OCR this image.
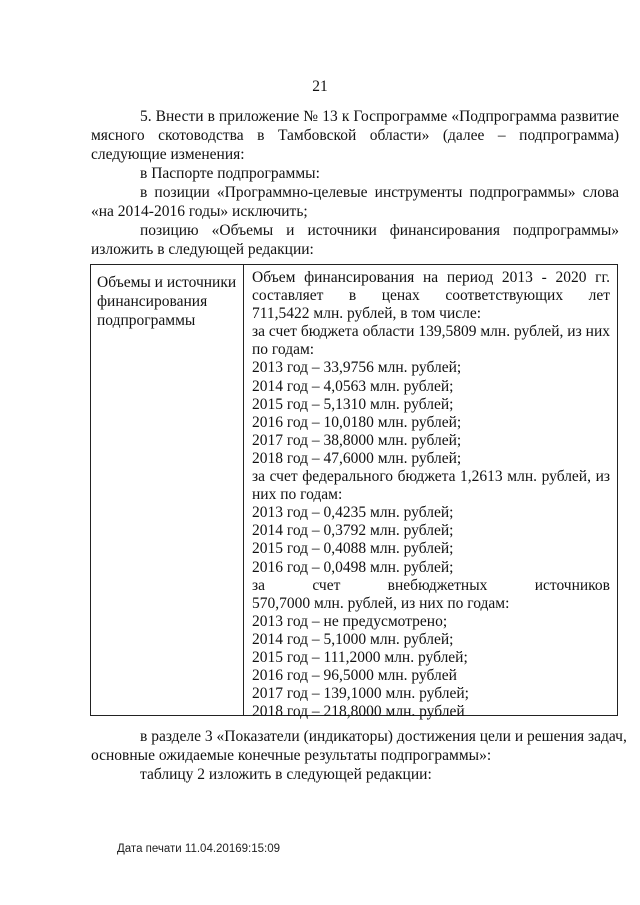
21
5. Внести в приложение № 13 к Госпрограмме «Подпрограмма развитие
мясного скотоводства в Тамбовской области» (далее – подпрограмма)
следующие изменения:
в Паспорте подпрограммы:
в позиции «Программно-целевые инструменты подпрограммы» слова
«на 2014-2016 годы» исключить;
позицию «Объемы и источники финансирования подпрограммы»
изложить в следующей редакции:
Объемы и источники
финансирования
подпрограммы
Объем финансирования на период 2013 - 2020 гг.
составляет в ценах соответствующих лет
711,5422 млн. рублей, в том числе:
за счет бюджета области 139,5809 млн. рублей, из них
по годам:
2013 год – 33,9756 млн. рублей;
2014 год – 4,0563 млн. рублей;
2015 год – 5,1310 млн. рублей;
2016 год – 10,0180 млн. рублей;
2017 год – 38,8000 млн. рублей;
2018 год – 47,6000 млн. рублей;
за счет федерального бюджета 1,2613 млн. рублей, из
них по годам:
2013 год – 0,4235 млн. рублей;
2014 год – 0,3792 млн. рублей;
2015 год – 0,4088 млн. рублей;
2016 год – 0,0498 млн. рублей;
за счет внебюджетных источников
570,7000 млн. рублей, из них по годам:
2013 год – не предусмотрено;
2014 год – 5,1000 млн. рублей;
2015 год – 111,2000 млн. рублей;
2016 год – 96,5000 млн. рублей
2017 год – 139,1000 млн. рублей;
2018 год – 218,8000 млн. рублей
в разделе 3 «Показатели (индикаторы) достижения цели и решения задач,
основные ожидаемые конечные результаты подпрограммы»:
таблицу 2 изложить в следующей редакции:
Дата печати 11.04.20169:15:09
